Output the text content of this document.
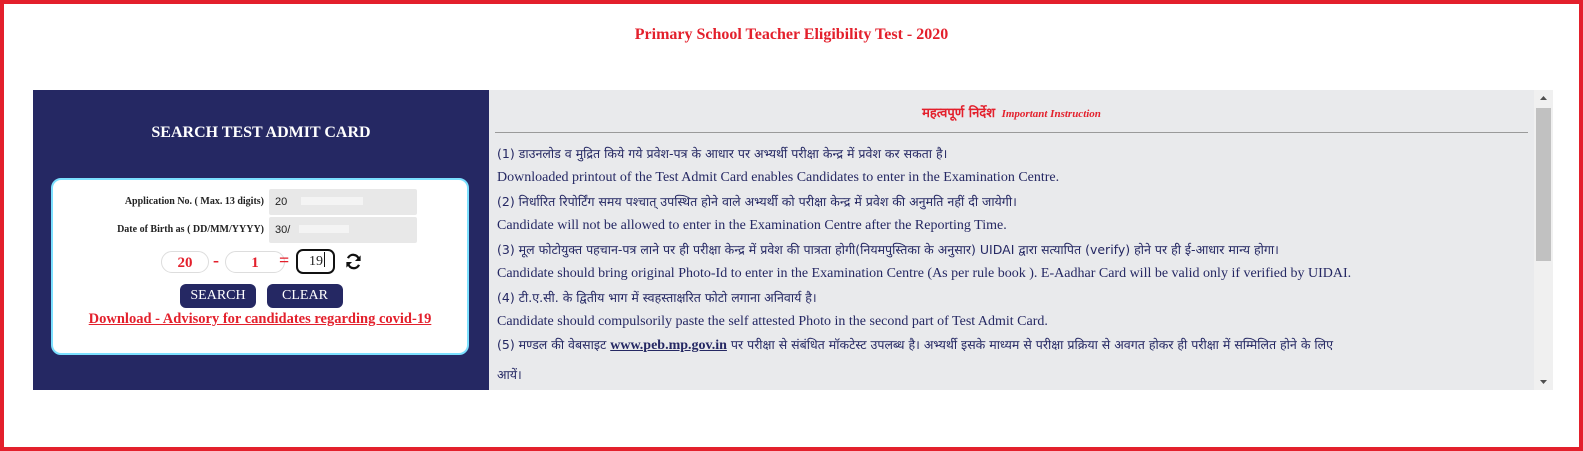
Primary School Teacher Eligibility Test - 2020
SEARCH TEST ADMIT CARD
Application No. ( Max. 13 digits)	20
Date of Birth as ( DD/MM/YYYY)	30/
20	-	1	=	19
SEARCH	CLEAR
Download - Advisory for candidates regarding covid-19
महत्वपूर्ण निर्देश Important Instruction
(1) डाउनलोड व मुद्रित किये गये प्रवेश-पत्र के आधार पर अभ्यर्थी परीक्षा केन्द्र में प्रवेश कर सकता है।
Downloaded printout of the Test Admit Card enables Candidates to enter in the Examination Centre.
(2) निर्धारित रिपोर्टिंग समय पश्चात् उपस्थित होने वाले अभ्यर्थी को परीक्षा केन्द्र में प्रवेश की अनुमति नहीं दी जायेगी।
Candidate will not be allowed to enter in the Examination Centre after the Reporting Time.
(3) मूल फोटोयुक्त पहचान-पत्र लाने पर ही परीक्षा केन्द्र में प्रवेश की पात्रता होगी(नियमपुस्तिका के अनुसार) UIDAI द्वारा सत्यापित (verify) होने पर ही ई-आधार मान्य होगा।
Candidate should bring original Photo-Id to enter in the Examination Centre (As per rule book ). E-Aadhar Card will be valid only if verified by UIDAI.
(4) टी.ए.सी. के द्वितीय भाग में स्वहस्ताक्षरित फोटो लगाना अनिवार्य है।
Candidate should compulsorily paste the self attested Photo in the second part of Test Admit Card.
(5) मण्डल की वेबसाइट www.peb.mp.gov.in पर परीक्षा से संबंधित मॉकटेस्ट उपलब्ध है। अभ्यर्थी इसके माध्यम से परीक्षा प्रक्रिया से अवगत होकर ही परीक्षा में सम्मिलित होने के लिए
आयें।
